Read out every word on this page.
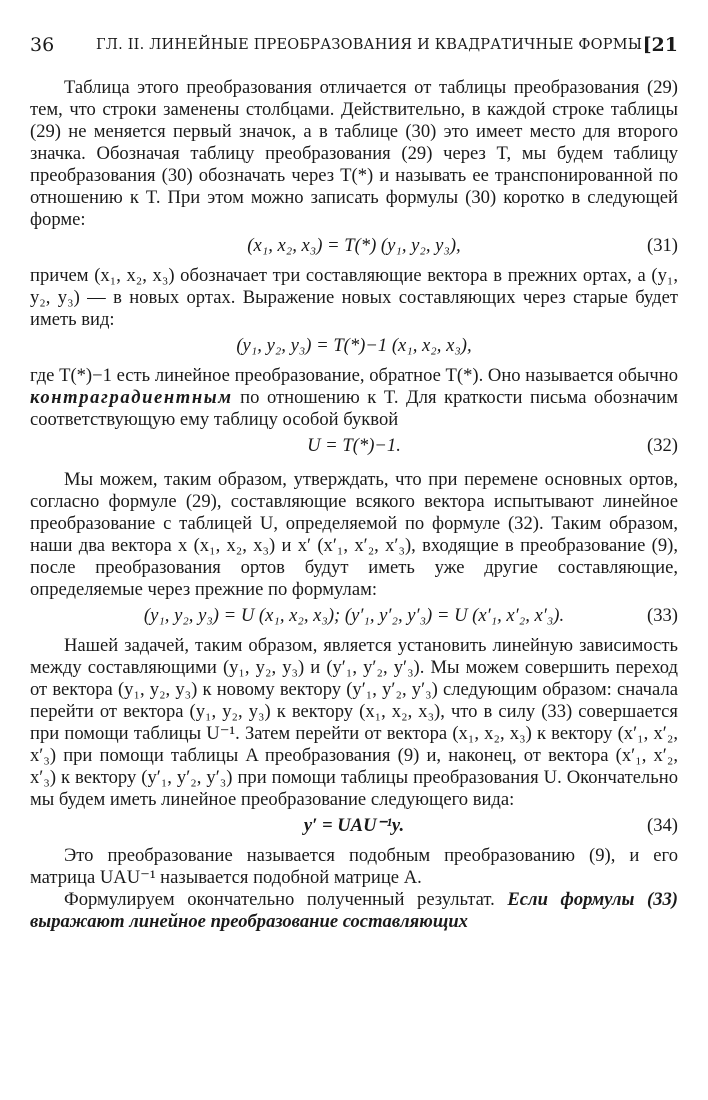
36	ГЛ. II. ЛИНЕЙНЫЕ ПРЕОБРАЗОВАНИЯ И КВАДРАТИЧНЫЕ ФОРМЫ [21

Таблица этого преобразования отличается от таблицы преобразования (29) тем, что строки заменены столбцами. Действительно, в каждой строке таблицы (29) не меняется первый значок, а в таблице (30) это имеет место для второго значка. Обозначая таблицу преобразования (29) через T, мы будем таблицу преобразования (30) обозначать через T(*) и называть ее транспонированной по отношению к T. При этом можно записать формулы (30) коротко в следующей форме:

(x₁, x₂, x₃) = T(*) (y₁, y₂, y₃),	(31)

причем (x₁, x₂, x₃) обозначает три составляющие вектора в прежних ортах, а (y₁, y₂, y₃) — в новых ортах. Выражение новых составляющих через старые будет иметь вид:

(y₁, y₂, y₃) = T(*)−1 (x₁, x₂, x₃),

где T(*)−1 есть линейное преобразование, обратное T(*). Оно называется обычно контраградиентным по отношению к T. Для краткости письма обозначим соответствующую ему таблицу особой буквой

U = T(*)−1.	(32)

Мы можем, таким образом, утверждать, что при перемене основных ортов, согласно формуле (29), составляющие всякого вектора испытывают линейное преобразование с таблицей U, определяемой по формуле (32). Таким образом, наши два вектора x (x₁, x₂, x₃) и x′ (x′₁, x′₂, x′₃), входящие в преобразование (9), после преобразования ортов будут иметь уже другие составляющие, определяемые через прежние по формулам:

(y₁, y₂, y₃) = U (x₁, x₂, x₃); (y′₁, y′₂, y′₃) = U (x′₁, x′₂, x′₃).	(33)

Нашей задачей, таким образом, является установить линейную зависимость между составляющими (y₁, y₂, y₃) и (y′₁, y′₂, y′₃). Мы можем совершить переход от вектора (y₁, y₂, y₃) к новому вектору (y′₁, y′₂, y′₃) следующим образом: сначала перейти от вектора (y₁, y₂, y₃) к вектору (x₁, x₂, x₃), что в силу (33) совершается при помощи таблицы U⁻¹. Затем перейти от вектора (x₁, x₂, x₃) к вектору (x′₁, x′₂, x′₃) при помощи таблицы A преобразования (9) и, наконец, от вектора (x′₁, x′₂, x′₃) к вектору (y′₁, y′₂, y′₃) при помощи таблицы преобразования U. Окончательно мы будем иметь линейное преобразование следующего вида:

y′ = UAU⁻¹y.	(34)

Это преобразование называется подобным преобразованию (9), и его матрица UAU⁻¹ называется подобной матрице A.

Формулируем окончательно полученный результат. Если формулы (33) выражают линейное преобразование составляющих
